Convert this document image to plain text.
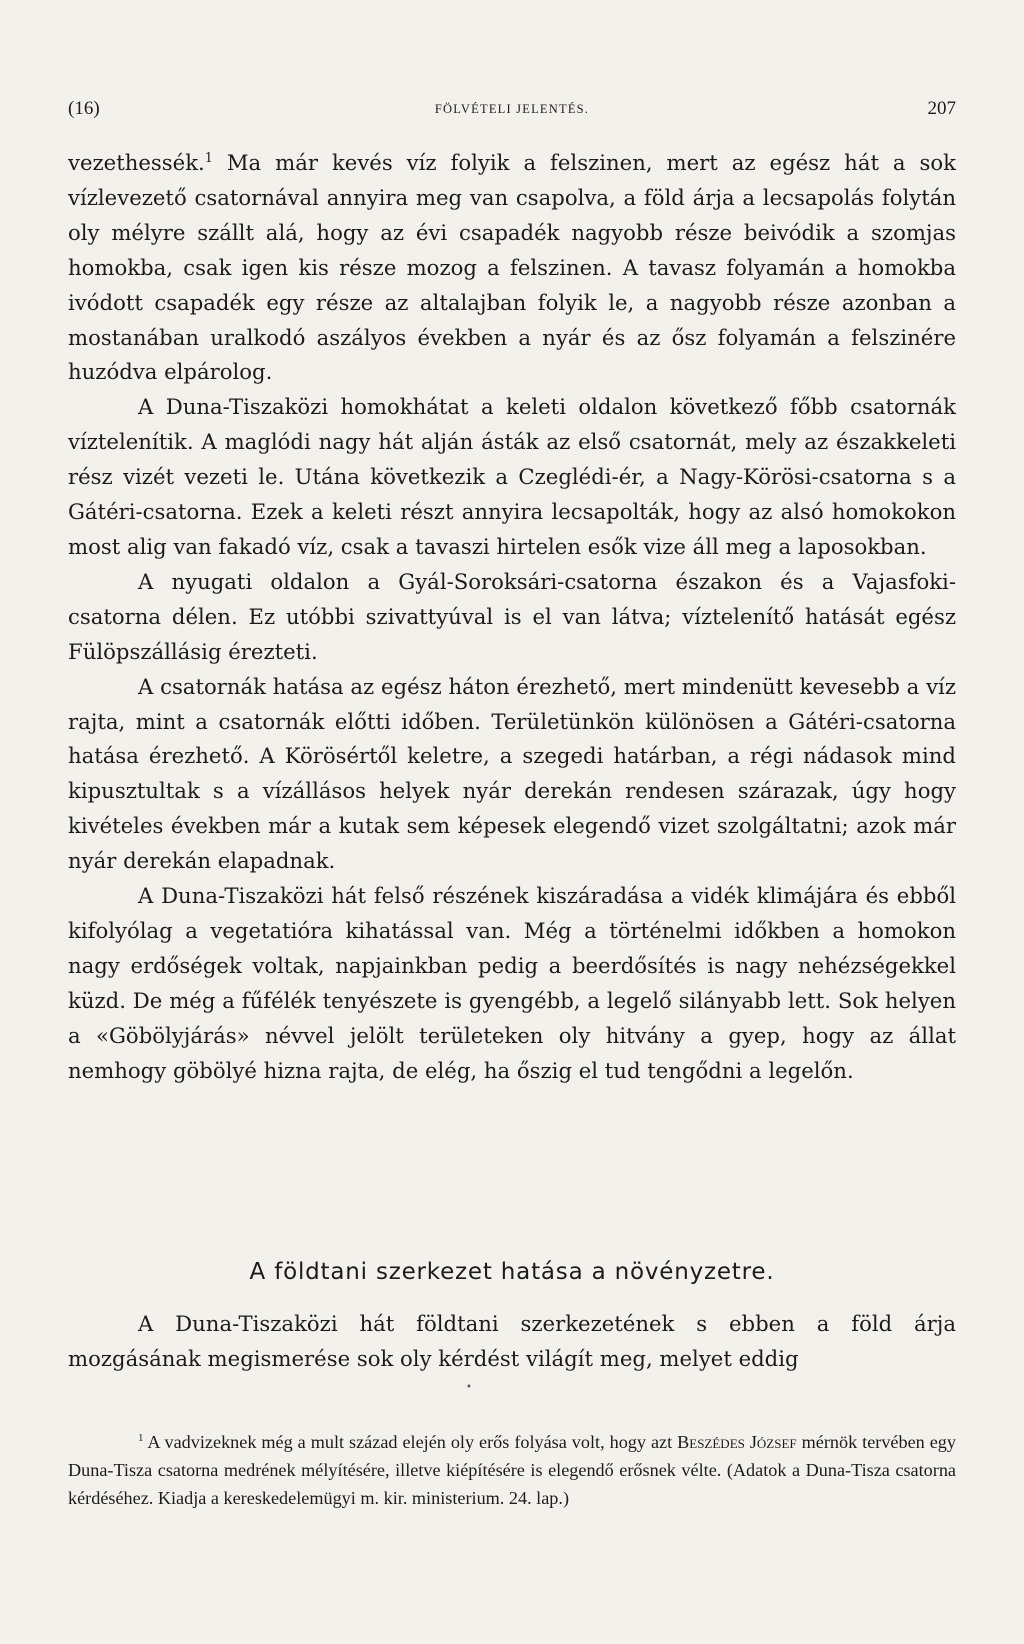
(16)	FÖLVÉTELI JELENTÉS.	207

vezethessék.$^1$ Ma már kevés víz folyik a felszinen, mert az egész hát a sok vízlevezető csatornával annyira meg van csapolva, a föld árja a lecsapolás folytán oly mélyre szállt alá, hogy az évi csapadék nagyobb része beivódik a szomjas homokba, csak igen kis része mozog a felszinen. A tavasz folyamán a homokba ivódott csapadék egy része az altalajban folyik le, a nagyobb része azonban a mostanában uralkodó aszályos években a nyár és az ősz folyamán a felszinére huzódva elpárolog.

A Duna-Tiszaközi homokhátat a keleti oldalon következő főbb csatornák víztelenítik. A maglódi nagy hát alján ásták az első csatornát, mely az északkeleti rész vizét vezeti le. Utána következik a Czeglédi-ér, a Nagy-Körösi-csatorna s a Gátéri-csatorna. Ezek a keleti részt annyira lecsapolták, hogy az alsó homokokon most alig van fakadó víz, csak a tavaszi hirtelen esők vize áll meg a laposokban.

A nyugati oldalon a Gyál-Soroksári-csatorna északon és a Vajasfoki-csatorna délen. Ez utóbbi szivattyúval is el van látva; víztelenítő hatását egész Fülöpszállásig érezteti.

A csatornák hatása az egész háton érezhető, mert mindenütt kevesebb a víz rajta, mint a csatornák előtti időben. Területünkön különösen a Gátéri-csatorna hatása érezhető. A Körösértől keletre, a szegedi határban, a régi nádasok mind kipusztultak s a vízállásos helyek nyár derekán rendesen szárazak, úgy hogy kivételes években már a kutak sem képesek elegendő vizet szolgáltatni; azok már nyár derekán elapadnak.

A Duna-Tiszaközi hát felső részének kiszáradása a vidék klimájára és ebből kifolyólag a vegetatióra kihatással van. Még a történelmi időkben a homokon nagy erdőségek voltak, napjainkban pedig a beerdősítés is nagy nehézségekkel küzd. De még a fűfélék tenyészete is gyengébb, a legelő silányabb lett. Sok helyen a «Göbölyjárás» névvel jelölt területeken oly hitvány a gyep, hogy az állat nemhogy göbölyé hizna rajta, de elég, ha őszig el tud tengődni a legelőn.

A földtani szerkezet hatása a növényzetre.

A Duna-Tiszaközi hát földtani szerkezetének s ebben a föld árja mozgásának megismerése sok oly kérdést világít meg, melyet eddig

•

$^1$ A vadvizeknek még a mult század elején oly erős folyása volt, hogy azt Beszédes József mérnök tervében egy Duna-Tisza csatorna medrének mélyítésére, illetve kiépítésére is elegendő erősnek vélte. (Adatok a Duna-Tisza csatorna kérdéséhez. Kiadja a kereskedelemügyi m. kir. ministerium. 24. lap.)
